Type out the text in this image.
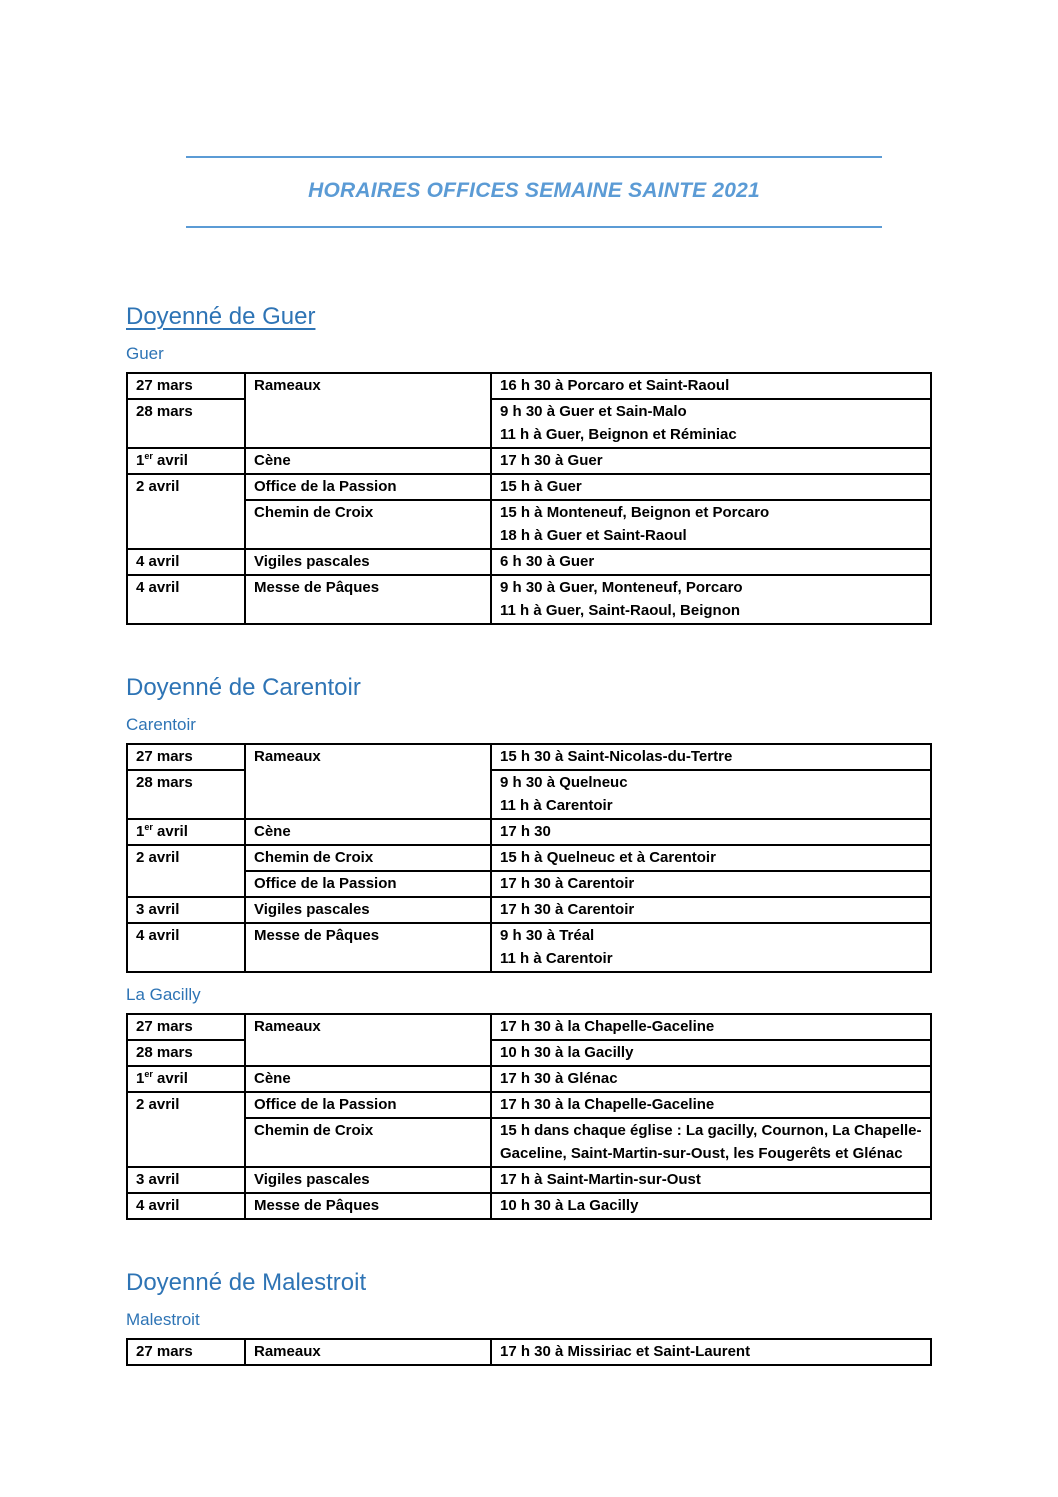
HORAIRES OFFICES SEMAINE SAINTE 2021
Doyenné de Guer
Guer
27 mars	Rameaux	16 h 30 à Porcaro et Saint-Raoul

28 mars		9 h 30 à Guer et Sain-Malo
11 h à Guer, Beignon et Réminiac

1er avril	Cène	17 h 30 à Guer

2 avril	Office de la Passion	15 h à Guer

	Chemin de Croix	15 h à Monteneuf, Beignon et Porcaro
18 h à Guer et Saint-Raoul

4 avril	Vigiles pascales	6 h 30 à Guer

4 avril	Messe de Pâques	9 h 30 à Guer, Monteneuf, Porcaro
11 h à Guer, Saint-Raoul, Beignon
Doyenné de Carentoir
Carentoir
27 mars	Rameaux	15 h 30 à Saint-Nicolas-du-Tertre

28 mars		9 h 30 à Quelneuc
11 h à Carentoir

1er avril	Cène	17 h 30

2 avril	Chemin de Croix	15 h à Quelneuc et à Carentoir

	Office de la Passion	17 h 30 à Carentoir

3 avril	Vigiles pascales	17 h 30 à Carentoir

4 avril	Messe de Pâques	9 h 30 à Tréal
11 h à Carentoir
La Gacilly
27 mars	Rameaux	17 h 30 à la Chapelle-Gaceline

28 mars		10 h 30 à la Gacilly

1er avril	Cène	17 h 30 à Glénac

2 avril	Office de la Passion	17 h 30 à la Chapelle-Gaceline

	Chemin de Croix	15 h dans chaque église : La gacilly, Cournon, La Chapelle-Gaceline, Saint-Martin-sur-Oust, les Fougerêts et Glénac

3 avril	Vigiles pascales	17 h à Saint-Martin-sur-Oust

4 avril	Messe de Pâques	10 h 30 à La Gacilly
Doyenné de Malestroit
Malestroit
27 mars	Rameaux	17 h 30 à Missiriac et Saint-Laurent
